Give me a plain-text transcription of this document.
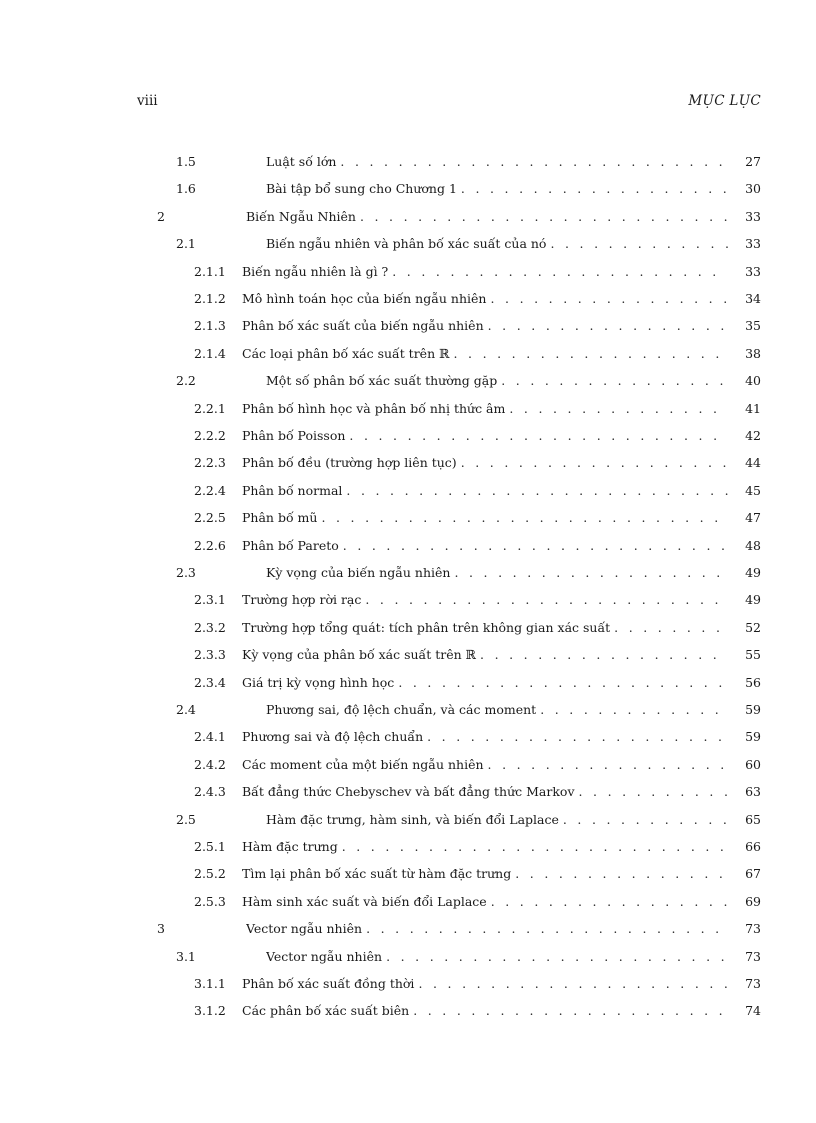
viii	MỤC LỤC
1.5	Luật số lớn . . .	27
1.6	Bài tập bổ sung cho Chương 1 . . .	30
2	Biến Ngẫu Nhiên . . .	33
2.1	Biến ngẫu nhiên và phân bố xác suất của nó . . .	33
2.1.1 Biến ngẫu nhiên là gì ? . . .	33
2.1.2 Mô hình toán học của biến ngẫu nhiên . . .	34
2.1.3 Phân bố xác suất của biến ngẫu nhiên . . .	35
2.1.4 Các loại phân bố xác suất trên ℝ . . .	38
2.2	Một số phân bố xác suất thường gặp . . .	40
2.2.1 Phân bố hình học và phân bố nhị thức âm . . .	41
2.2.2 Phân bố Poisson . . .	42
2.2.3 Phân bố đều (trường hợp liên tục) . . .	44
2.2.4 Phân bố normal . . .	45
2.2.5 Phân bố mũ . . .	47
2.2.6 Phân bố Pareto . . .	48
2.3	Kỳ vọng của biến ngẫu nhiên . . .	49
2.3.1 Trường hợp rời rạc . . .	49
2.3.2 Trường hợp tổng quát: tích phân trên không gian xác suất . . .	52
2.3.3 Kỳ vọng của phân bố xác suất trên ℝ . . .	55
2.3.4 Giá trị kỳ vọng hình học . . .	56
2.4	Phương sai, độ lệch chuẩn, và các moment . . .	59
2.4.1 Phương sai và độ lệch chuẩn . . .	59
2.4.2 Các moment của một biến ngẫu nhiên . . .	60
2.4.3 Bất đẳng thức Chebyschev và bất đẳng thức Markov . . .	63
2.5	Hàm đặc trưng, hàm sinh, và biến đổi Laplace . . .	65
2.5.1 Hàm đặc trưng . . .	66
2.5.2 Tìm lại phân bố xác suất từ hàm đặc trưng . . .	67
2.5.3 Hàm sinh xác suất và biến đổi Laplace . . .	69
3	Vector ngẫu nhiên . . .	73
3.1	Vector ngẫu nhiên . . .	73
3.1.1 Phân bố xác suất đồng thời . . .	73
3.1.2 Các phân bố xác suất biên . . .	74
